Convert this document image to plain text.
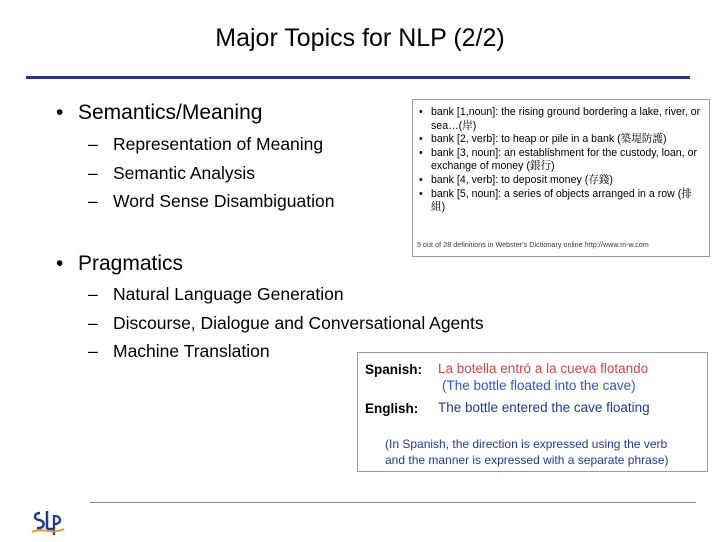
Major Topics for NLP (2/2)
• Semantics/Meaning
– Representation of Meaning
– Semantic Analysis
– Word Sense Disambiguation
• Pragmatics
– Natural Language Generation
– Discourse, Dialogue and Conversational Agents
– Machine Translation
• bank [1,noun]: the rising ground bordering a lake, river, or sea…(岸)
• bank [2, verb]: to heap or pile in a bank (築堤防護)
• bank [3, noun]: an establishment for the custody, loan, or exchange of money (銀行)
• bank [4, verb]: to deposit money (存錢)
• bank [5, noun]: a series of objects arranged in a row (排組)
5 out of 28 definitions in Webster's Dictionary online http://www.m-w.com
Spanish: La botella entró a la cueva flotando
(The bottle floated into the cave)
English: The bottle entered the cave floating
(In Spanish, the direction is expressed using the verb
and the manner is expressed with a separate phrase)
